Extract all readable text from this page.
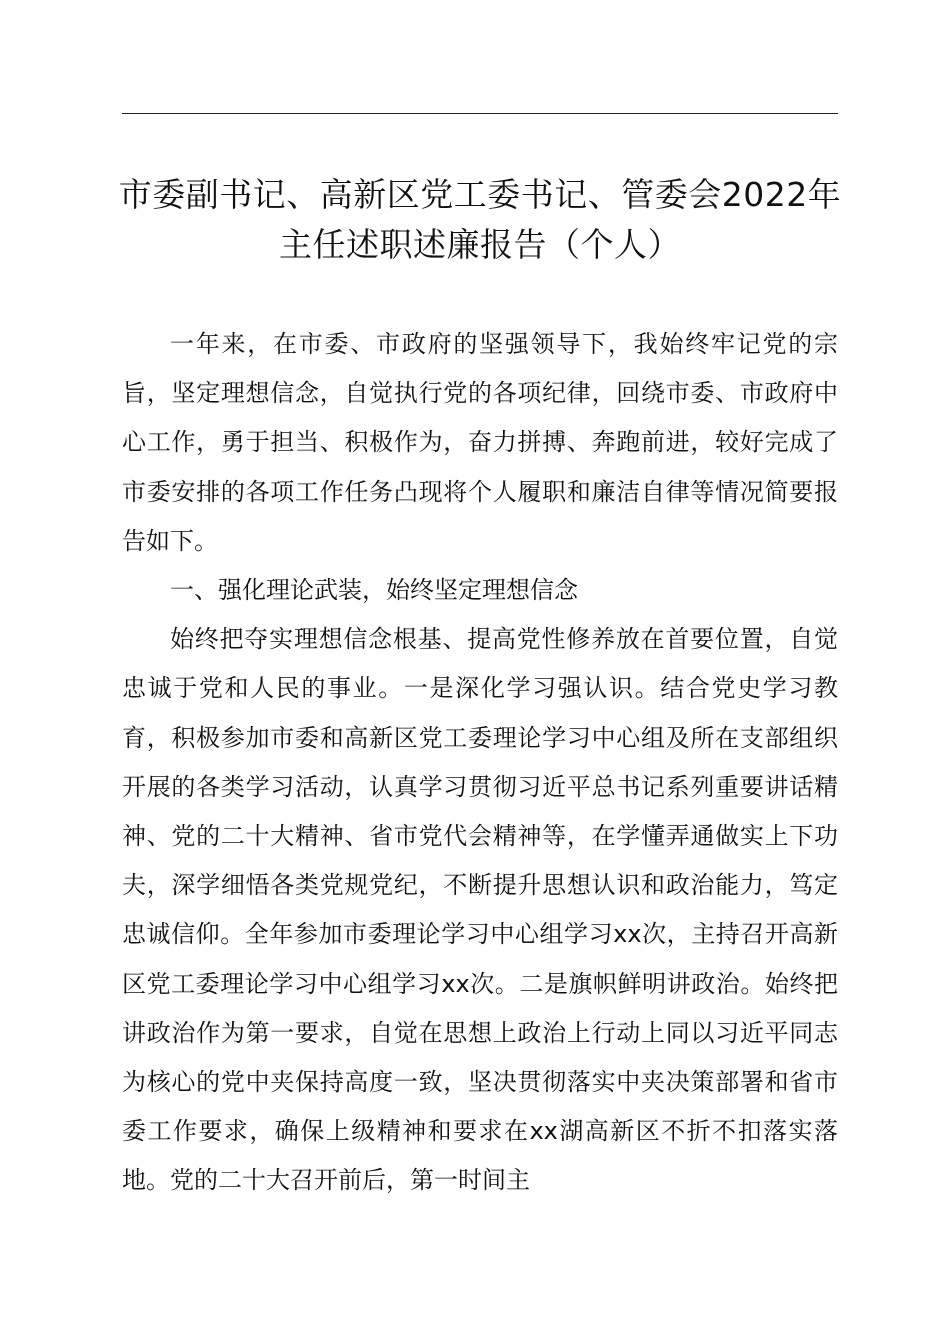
市委副书记、高新区党工委书记、管委会2022年主任述职述廉报告（个人）

一年来，在市委、市政府的坚强领导下，我始终牢记党的宗旨，坚定理想信念，自觉执行党的各项纪律，回绕市委、市政府中心工作，勇于担当、积极作为，奋力拼搏、奔跑前进，较好完成了市委安排的各项工作任务凸现将个人履职和廉洁自律等情况简要报告如下。

一、强化理论武装，始终坚定理想信念

始终把夺实理想信念根基、提高党性修养放在首要位置，自觉忠诚于党和人民的事业。一是深化学习强认识。结合党史学习教育，积极参加市委和高新区党工委理论学习中心组及所在支部组织开展的各类学习活动，认真学习贯彻习近平总书记系列重要讲话精神、党的二十大精神、省市党代会精神等，在学懂弄通做实上下功夫，深学细悟各类党规党纪，不断提升思想认识和政治能力，笃定忠诚信仰。全年参加市委理论学习中心组学习xx次，主持召开高新区党工委理论学习中心组学习xx次。二是旗帜鲜明讲政治。始终把讲政治作为第一要求，自觉在思想上政治上行动上同以习近平同志为核心的党中夹保持高度一致，坚决贯彻落实中夹决策部署和省市委工作要求，确保上级精神和要求在xx湖高新区不折不扣落实落地。党的二十大召开前后，第一时间主
